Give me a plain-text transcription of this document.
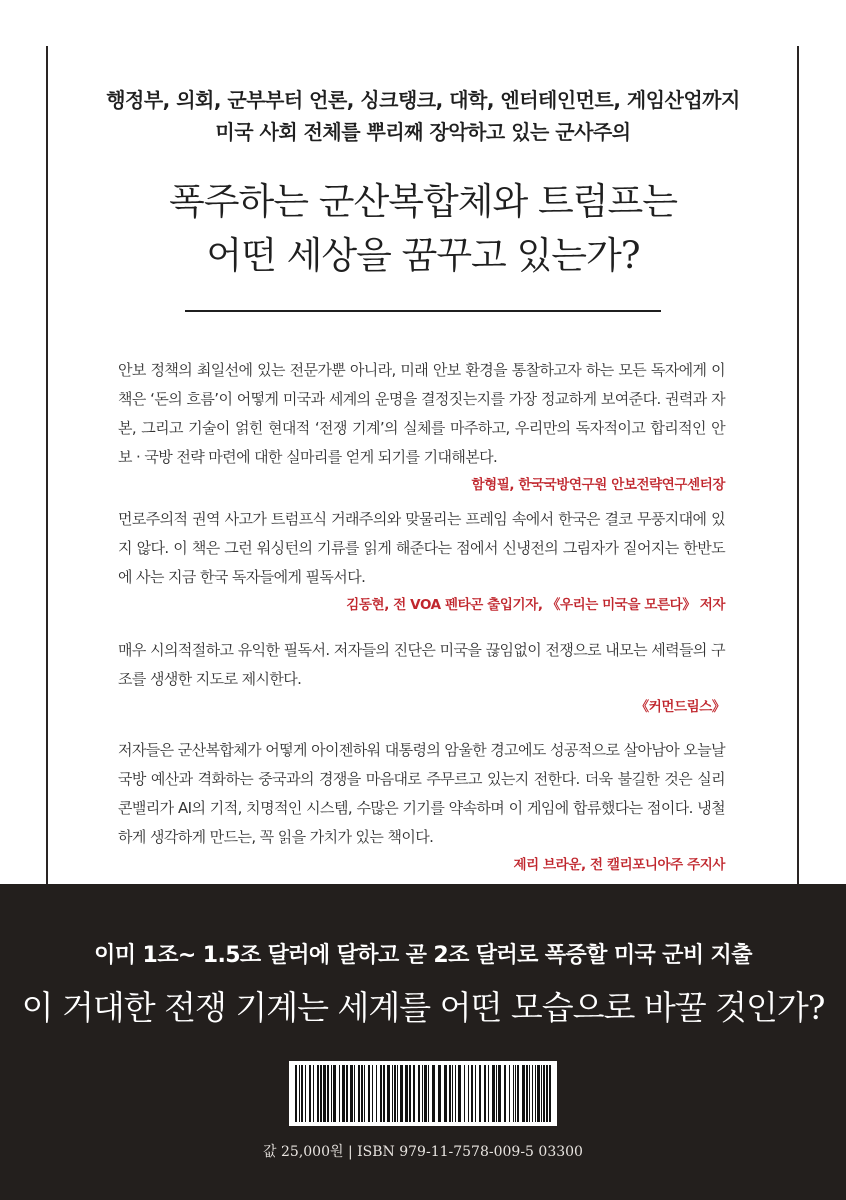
행정부, 의회, 군부부터 언론, 싱크탱크, 대학, 엔터테인먼트, 게임산업까지
미국 사회 전체를 뿌리째 장악하고 있는 군사주의
폭주하는 군산복합체와 트럼프는
어떤 세상을 꿈꾸고 있는가?

안보 정책의 최일선에 있는 전문가뿐 아니라, 미래 안보 환경을 통찰하고자 하는 모든 독자에게 이 책은 ‘돈의 흐름’이 어떻게 미국과 세계의 운명을 결정짓는지를 가장 정교하게 보여준다. 권력과 자본, 그리고 기술이 얽힌 현대적 ‘전쟁 기계’의 실체를 마주하고, 우리만의 독자적이고 합리적인 안보 · 국방 전략 마련에 대한 실마리를 얻게 되기를 기대해본다.

함형필, 한국국방연구원 안보전략연구센터장

먼로주의적 권역 사고가 트럼프식 거래주의와 맞물리는 프레임 속에서 한국은 결코 무풍지대에 있지 않다. 이 책은 그런 워싱턴의 기류를 읽게 해준다는 점에서 신냉전의 그림자가 짙어지는 한반도에 사는 지금 한국 독자들에게 필독서다.

김동현, 전 VOA 펜타곤 출입기자, 《우리는 미국을 모른다》 저자

매우 시의적절하고 유익한 필독서. 저자들의 진단은 미국을 끊임없이 전쟁으로 내모는 세력들의 구조를 생생한 지도로 제시한다.

《커먼드림스》

저자들은 군산복합체가 어떻게 아이젠하워 대통령의 암울한 경고에도 성공적으로 살아남아 오늘날 국방 예산과 격화하는 중국과의 경쟁을 마음대로 주무르고 있는지 전한다. 더욱 불길한 것은 실리콘밸리가 AI의 기적, 치명적인 시스템, 수많은 기기를 약속하며 이 게임에 합류했다는 점이다. 냉철하게 생각하게 만드는, 꼭 읽을 가치가 있는 책이다.

제리 브라운, 전 캘리포니아주 주지사
이미 1조~ 1.5조 달러에 달하고 곧 2조 달러로 폭증할 미국 군비 지출
이 거대한 전쟁 기계는 세계를 어떤 모습으로 바꿀 것인가?
값 25,000원 | ISBN 979-11-7578-009-5 03300
